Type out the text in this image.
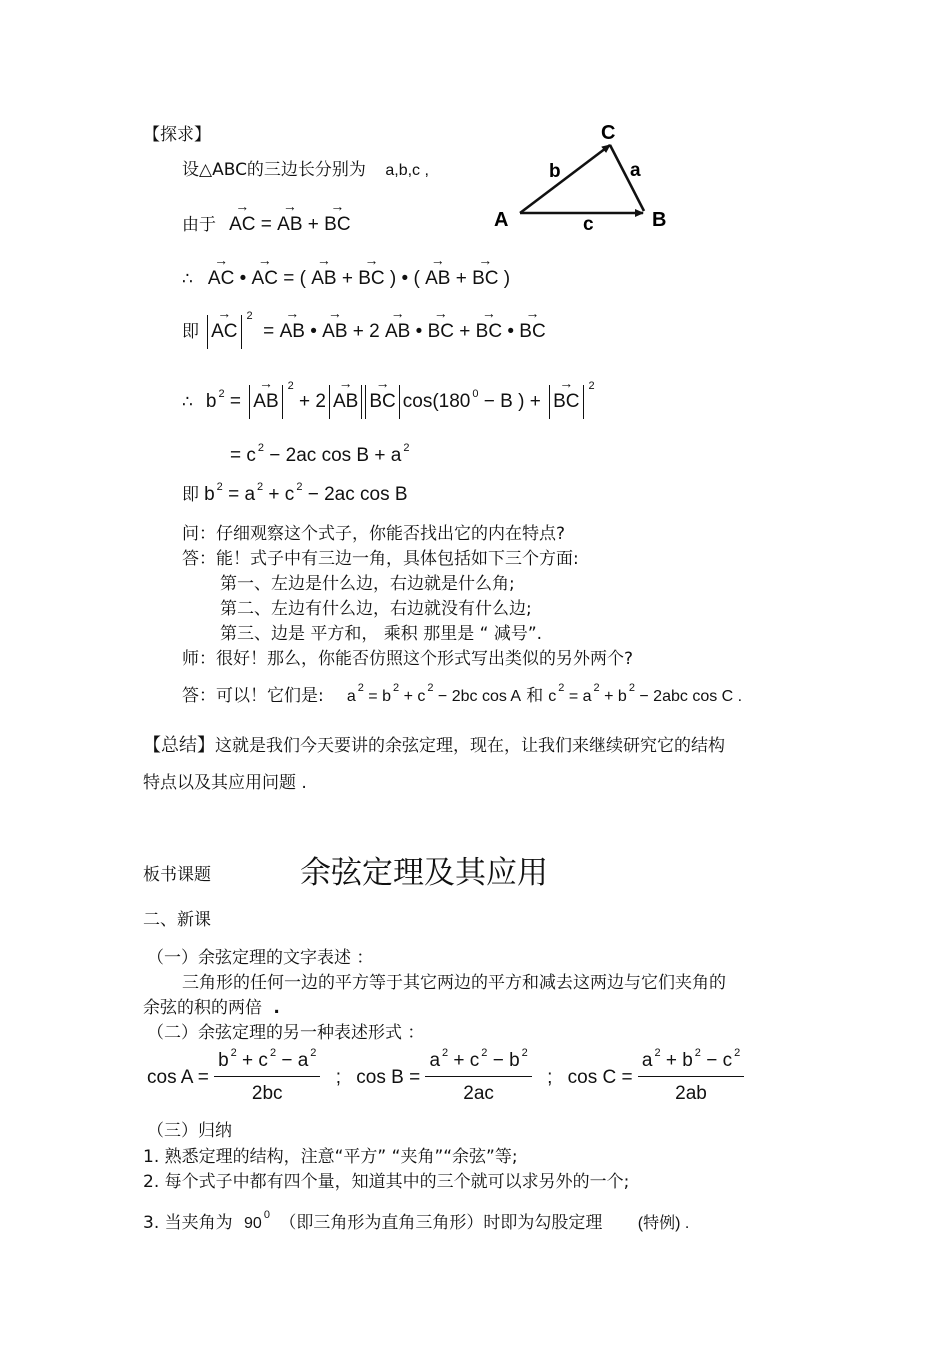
【探求】
设△ABC的三边长分别为 a,b,c ,
A	B
C
a
b
c
由于 → AC = → AB + → BC
∴ → AC • → AC = ( → AB + → BC ) • ( → AB + → BC )
即 → $AC^2$  = → AB • → AB + 2 → AB • → BC + → BC • → BC
∴ b $^2$ = → $AB^2 + 2\to AB\to$ BC cos(180 $^0$ − B ) + → $BC^2$
= c $^2$ − 2ac cos B + a $^2$
即 b $^2$ = a $^2$ + c $^2$ − 2ac cos B
问：仔细观察这个式子，你能否找出它的内在特点?
答：能！式子中有三边一角，具体包括如下三个方面:
第一、左边是什么边，右边就是什么角;
第二、左边有什么边，右边就没有什么边;
第三、边是 平方和， 乘积 那里是 “ 减号”.
师：很好！那么，你能否仿照这个形式写出类似的另外两个?
答：可以！它们是: a $^2$ = b $^2$ + c $^2$ − 2bc cos A 和 c $^2$ = a $^2$ + b $^2$ − 2abc cos C .
【总结】这就是我们今天要讲的余弦定理，现在，让我们来继续研究它的结构
特点以及其应用问题 .
板书课题	余弦定理及其应用
二、新课
（一）余弦定理的文字表述 ：
三角形的任何一边的平方等于其它两边的平方和减去这两边与它们夹角的
余弦的积的两倍 .
（二）余弦定理的另一种表述形式 ：
$\cos A = \frac{b ^2 + c ^2 - a ^2}{2bc}$ ; $\cos B = \frac{a ^2 + c ^2 - b ^2}{2ac}$ ; $\cos C = \frac{a ^2 + b ^2 - c ^2}{2ab}$
（三）归纳
1. 熟悉定理的结构，注意“平方” “夹角”“余弦”等;
2. 每个式子中都有四个量，知道其中的三个就可以求另外的一个;
3. 当夹角为 90 $^0$ （即三角形为直角三角形）时即为勾股定理 (特例) .
